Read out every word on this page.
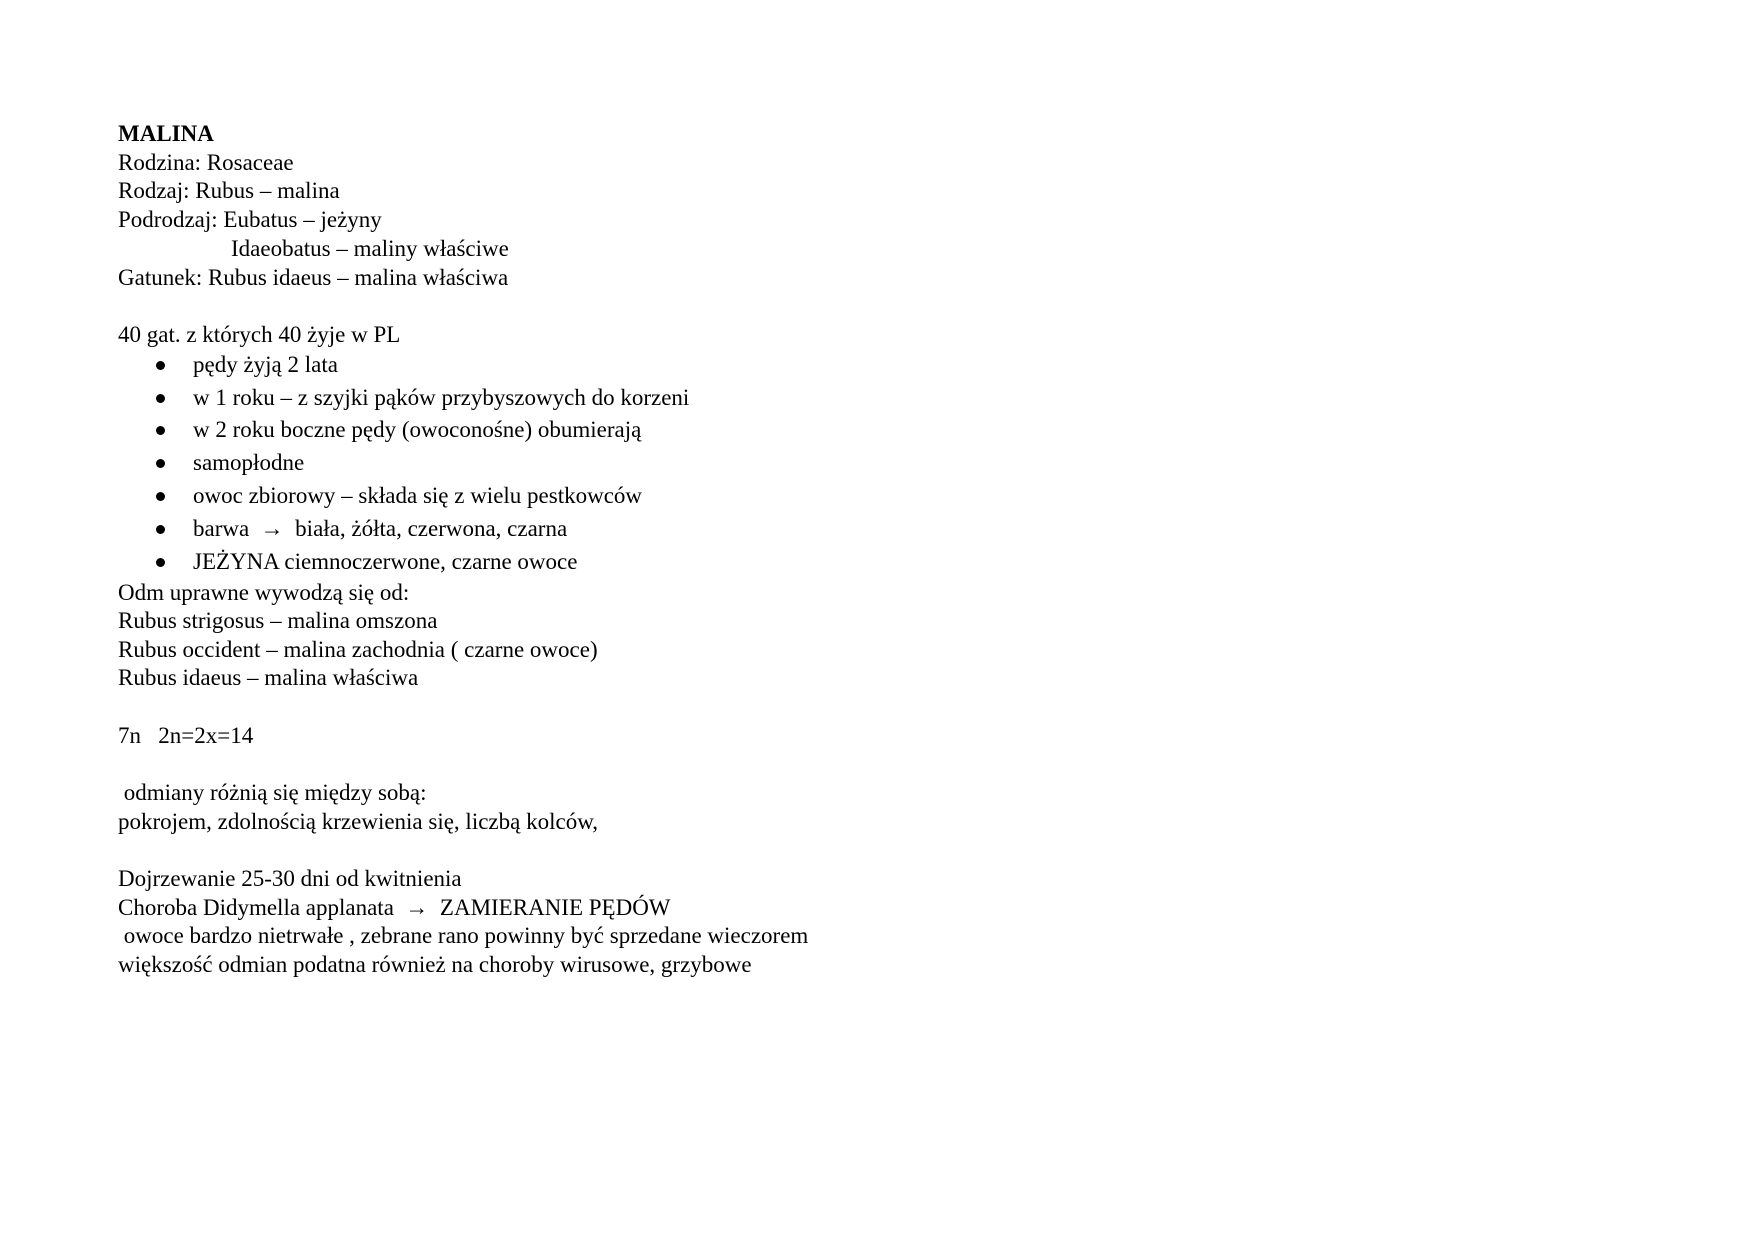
MALINA
Rodzina: Rosaceae
Rodzaj: Rubus – malina
Podrodzaj: Eubatus – jeżyny
Idaeobatus – maliny właściwe
Gatunek: Rubus idaeus – malina właściwa
40 gat. z których 40 żyje w PL

pędy żyją 2 lata

w 1 roku – z szyjki pąków przybyszowych do korzeni

w 2 roku boczne pędy (owoconośne) obumierają

samopłodne

owoc zbiorowy – składa się z wielu pestkowców

barwa  →  biała, żółta, czerwona, czarna

JEŻYNA ciemnoczerwone, czarne owoce

Odm uprawne wywodzą się od:
Rubus strigosus – malina omszona
Rubus occident – malina zachodnia ( czarne owoce)
Rubus idaeus – malina właściwa
7n   2n=2x=14
odmiany różnią się między sobą:
pokrojem, zdolnością krzewienia się, liczbą kolców,
Dojrzewanie 25-30 dni od kwitnienia
Choroba Didymella applanata  →  ZAMIERANIE PĘDÓW
owoce bardzo nietrwałe , zebrane rano powinny być sprzedane wieczorem
większość odmian podatna również na choroby wirusowe, grzybowe
